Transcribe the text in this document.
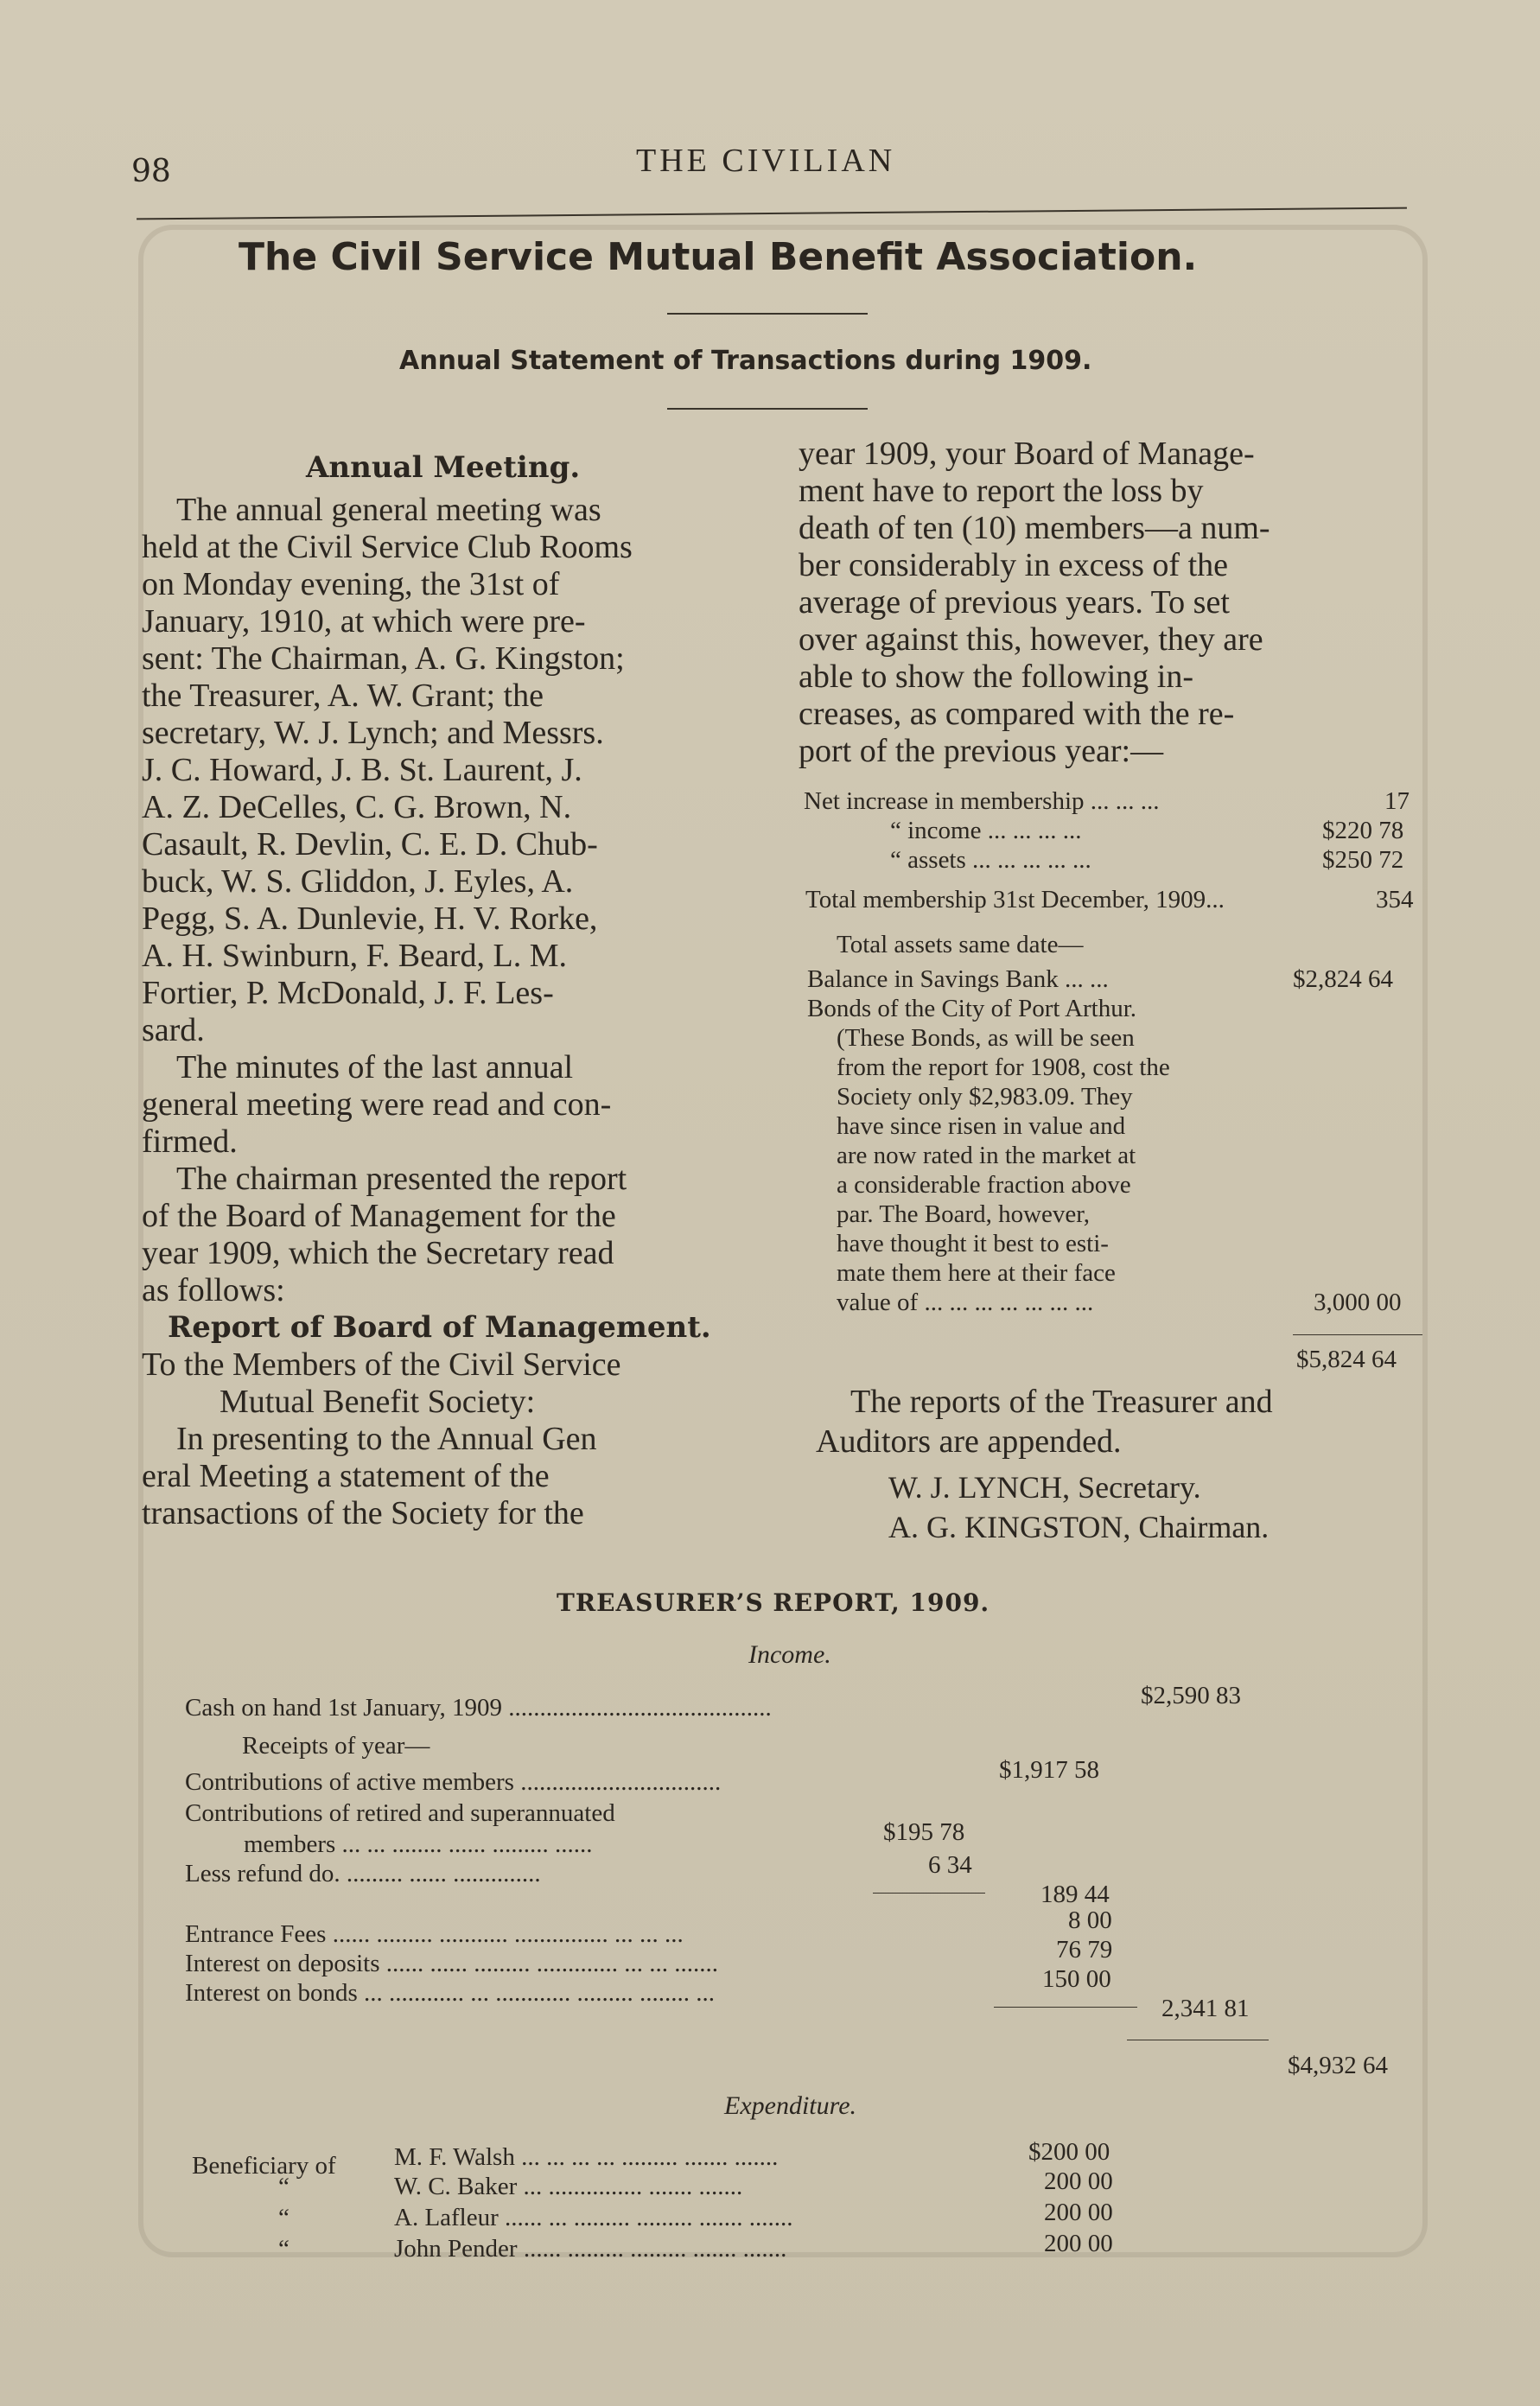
98	THE CIVILIAN
The Civil Service Mutual Benefit Association.
Annual Statement of Transactions during 1909.

Annual Meeting.

The annual general meeting was

held at the Civil Service Club Rooms

on Monday evening, the 31st of

January, 1910, at which were pre-

sent: The Chairman, A. G. Kingston;

the Treasurer, A. W. Grant; the

secretary, W. J. Lynch; and Messrs.

J. C. Howard, J. B. St. Laurent, J.

A. Z. DeCelles, C. G. Brown, N.

Casault, R. Devlin, C. E. D. Chub-

buck, W. S. Gliddon, J. Eyles, A.

Pegg, S. A. Dunlevie, H. V. Rorke,

A. H. Swinburn, F. Beard, L. M.

Fortier, P. McDonald, J. F. Les-

sard.

The minutes of the last annual

general meeting were read and con-

firmed.

The chairman presented the report

of the Board of Management for the

year 1909, which the Secretary read

as follows:

Report of Board of Management.

To the Members of the Civil Service

Mutual Benefit Society:

In presenting to the Annual Gen

eral Meeting a statement of the

transactions of the Society for the

year 1909, your Board of Manage-

ment have to report the loss by

death of ten (10) members—a num-

ber considerably in excess of the

average of previous years. To set

over against this, however, they are

able to show the following in-

creases, as compared with the re-

port of the previous year:—

Net increase in membership ... ... ...	17
“ income ... ... ... ...	$220 78
“ assets ... ... ... ... ...	$250 72
Total membership 31st December, 1909...	354
Total assets same date—
Balance in Savings Bank ... ...	$2,824 64
Bonds of the City of Port Arthur.
(These Bonds, as will be seen
from the report for 1908, cost the
Society only $2,983.09. They
have since risen in value and
are now rated in the market at
a considerable fraction above
par. The Board, however,
have thought it best to esti-
mate them here at their face
value of ... ... ... ... ... ... ...	3,000 00
$5,824 64
The reports of the Treasurer and
Auditors are appended.
W. J. LYNCH, Secretary.
A. G. KINGSTON, Chairman.
TREASURER’S REPORT, 1909.
Income.
Cash on hand 1st January, 1909 ..........................................	$2,590 83
Receipts of year—
Contributions of active members ................................	$1,917 58
Contributions of retired and superannuated
members ... ... ........ ...... ......... ......	$195 78
Less refund do. ......... ...... ..............	6 34
189 44
Entrance Fees ...... ......... ........... ............... ... ... ...	8 00
Interest on deposits ...... ...... ......... ............. ... ... .......	76 79
Interest on bonds ... ............ ... ............ ......... ........ ...	150 00
2,341 81
$4,932 64
Expenditure.
Beneficiary of M. F. Walsh ... ... ... ... ......... ....... .......	$200 00
“	W. C. Baker ... ............... ....... .......	200 00
“	A. Lafleur ...... ... ......... ......... ....... .......	200 00
“	John Pender ...... ......... ......... ....... .......	200 00
